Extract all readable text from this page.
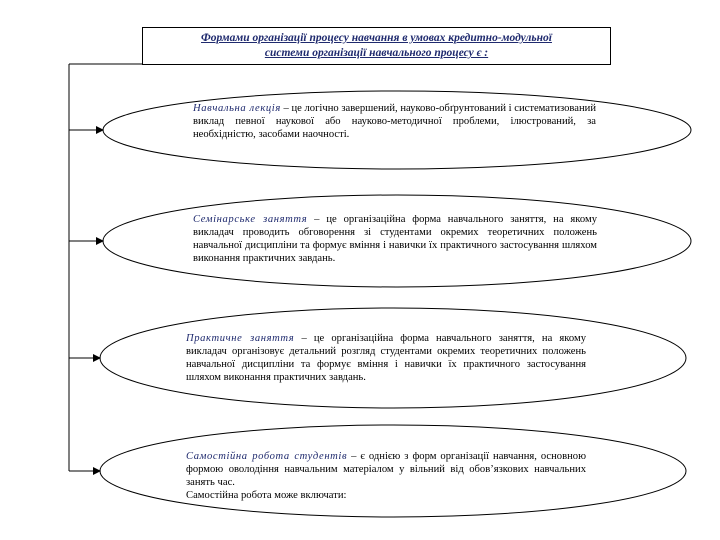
Формами організації процесу навчання в умовах кредитно-модульної
системи організації навчального процесу є :
Навчальна лекція – це логічно завершений, науково-обґрунтований і систематизований виклад певної наукової або науково-методичної проблеми, ілюстрований, за необхідністю, засобами наочності.
Семінарське заняття – це організаційна форма навчального заняття, на якому викладач проводить обговорення зі студентами окремих теоретичних положень навчальної дисципліни та формує вміння і навички їх практичного застосування шляхом виконання практичних завдань.
Практичне заняття – це організаційна форма навчального заняття, на якому викладач організовує детальний розгляд студентами окремих теоретичних положень навчальної дисципліни та формує вміння і навички їх практичного застосування шляхом виконання практичних завдань.
Самостійна робота студентів – є однією з форм організації навчання, основною формою оволодіння навчальним матеріалом у вільний від обов’язкових навчальних занять час.
Самостійна робота може включати:
